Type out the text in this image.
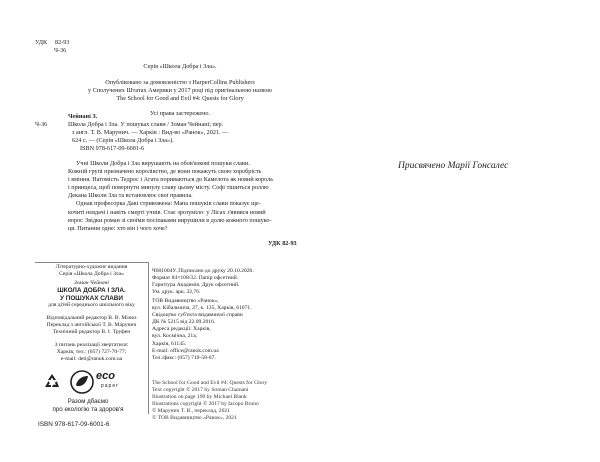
УДК 82-93
Ч-36
Серія «Школа Добра і Зла».
Опубліковано за домовленістю з HarperCollins Publishers
у Сполучених Штатах Америки у 2017 році під оригінальною назвою
The School for Good and Evil #4: Quests for Glory
Усі права застережено.
Чейнані З.
Ч-36	Школа Добра і Зла. У пошуках слави / Зоман Чейнані; пер.
з англ. Т. В. Марунич. — Харків : Вид-во «Ранок», 2021. —
624 с. — (Серія «Школа Добра і Зла»).
ISBN 978-617-09-6001-6
Учні Школи Добра і Зла вирушають на обов'язкові пошуки слави.
Кожній групі призначено королівство, де вони покажуть свою хоробрість
і вміння. Натомість Тедрос і Агата пориваються до Камелота як новий король
і принцеса, щоб повернути минулу славу цьому місту. Софі тішиться роллю
Декана Школи Зла та встановлює свої правила.
Однак професорка Даві стривожена: Мапа пошуків слави показує ще-
кочиті невдачі і навіть смерті учнів. Стає зрозуміло: у Лісах з'явився новий
ворог. Звідки роман зі своїми посіпаками вирушили в долю кожного пошуко-
ця. Питання одне: хто він і чого хоче?
УДК 82-93
Присвячено Марії Гонсалес
Літературно-художнє видання
Серія «Школа Добра і Зла»
Зоман Чейнані
ШКОЛА ДОБРА І ЗЛА.
У ПОШУКАХ СЛАВИ
для дітей середнього шкільного віку
Відповідальний редактор В. В. Мізюз
Переклад з англійської Т. В. Марунич
Технічний редактор В. І. Труфен
З питань реалізації звертатися:
Харків, тел.: (057) 727-70-77;
e-mail: deti@ranok.com.ua
eco
paper
Разом дбаємо
про екологію та здоров'я
ISBN 978-617-09-6001-6
Ч681004У. Підписано до друку 20.10.2020.
Формат 84×108/32. Папір офсетний.
Гарнітура Академія. Друк офсетний.
Ум. друк. арк. 32,76.
ТОВ Видавництво «Ранок»,
вул. Кібальчича, 27, к. 135, Харків, 61071.
Свідоцтво суб'єкта видавничої справи
ДК № 5215 від 22.09.2016.
Адреса редакції: Харків,
вул. Космічна, 21а,
Харків, 61145.
E-mail: office@ranok.com.ua
Тел./факс: (057) 719-58-67.
The School for Good and Evil #4: Quests for Glory
Text copyright © 2017 by Soman Chainani
Illustration on page 190 by Michael Blank
Illustrations copyright © 2017 by Iacopo Bruno
© Марунич Т. В., переклад, 2021
© ТОВ Видавництво «Ранок», 2021
